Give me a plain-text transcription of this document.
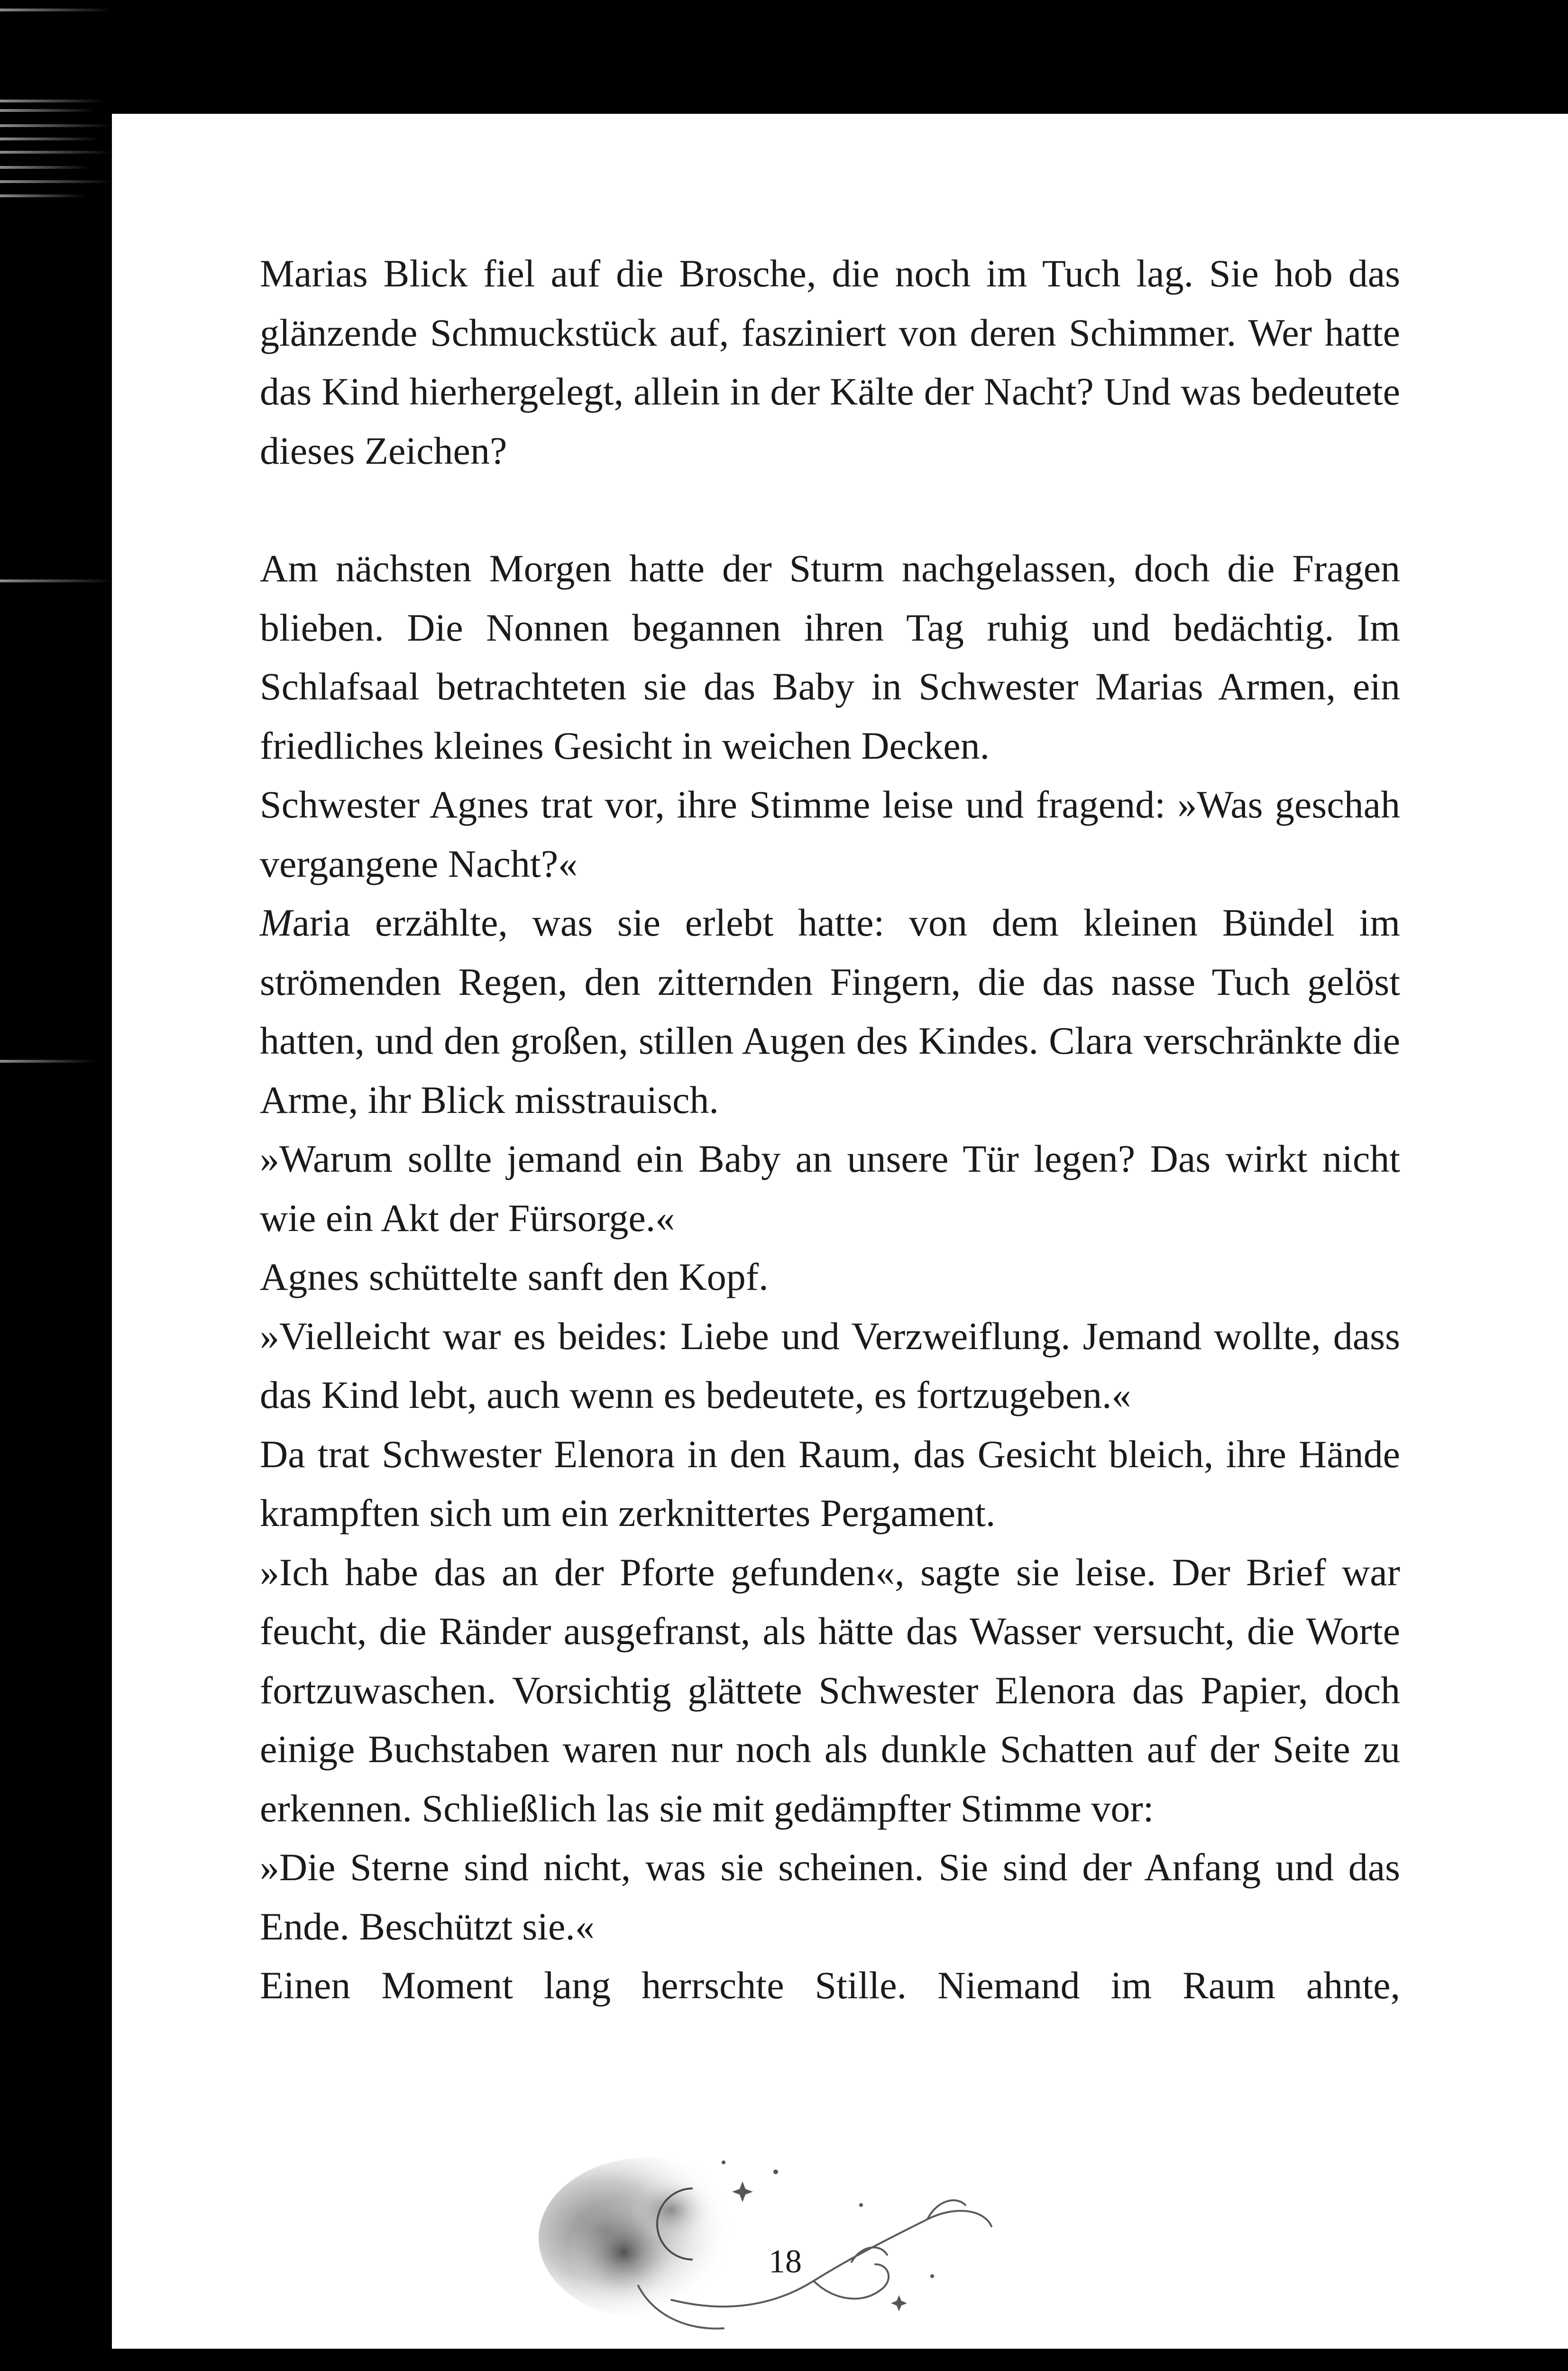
Marias Blick fiel auf die Brosche, die noch im Tuch lag. Sie hob das glänzende Schmuckstück auf, fasziniert von deren Schimmer. Wer hatte das Kind hierhergelegt, allein in der Kälte der Nacht? Und was bedeutete dieses Zeichen?

Am nächsten Morgen hatte der Sturm nachgelassen, doch die Fragen blieben. Die Nonnen begannen ihren Tag ruhig und bedächtig. Im Schlafsaal betrachteten sie das Baby in Schwester Marias Armen, ein friedliches kleines Gesicht in weichen Decken.

Schwester Agnes trat vor, ihre Stimme leise und fragend: »Was geschah vergangene Nacht?«

Maria erzählte, was sie erlebt hatte: von dem kleinen Bündel im strömenden Regen, den zitternden Fingern, die das nasse Tuch gelöst hatten, und den großen, stillen Augen des Kindes. Clara verschränkte die Arme, ihr Blick misstrauisch.

»Warum sollte jemand ein Baby an unsere Tür legen? Das wirkt nicht wie ein Akt der Fürsorge.«

Agnes schüttelte sanft den Kopf.

»Vielleicht war es beides: Liebe und Verzweiflung. Jemand wollte, dass das Kind lebt, auch wenn es bedeutete, es fortzugeben.«

Da trat Schwester Elenora in den Raum, das Gesicht bleich, ihre Hände krampften sich um ein zerknittertes Pergament.

»Ich habe das an der Pforte gefunden«, sagte sie leise. Der Brief war feucht, die Ränder ausgefranst, als hätte das Wasser versucht, die Worte fortzuwaschen. Vorsichtig glättete Schwester Elenora das Papier, doch einige Buchstaben waren nur noch als dunkle Schatten auf der Seite zu erkennen. Schließlich las sie mit gedämpfter Stimme vor:

»Die Sterne sind nicht, was sie scheinen. Sie sind der Anfang und das Ende. Beschützt sie.«

Einen Moment lang herrschte Stille. Niemand im Raum ahnte,

18
